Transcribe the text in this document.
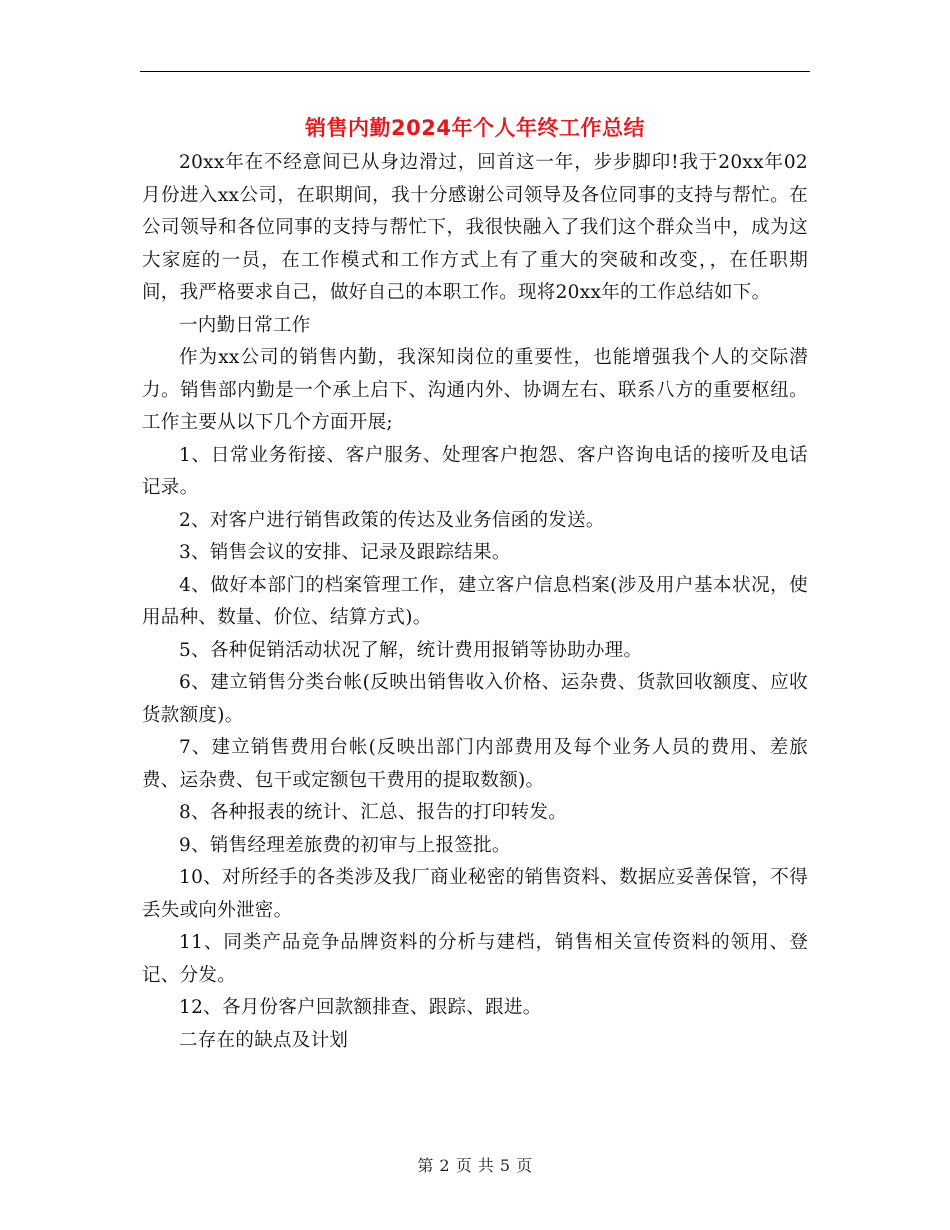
销售内勤2024年个人年终工作总结

20xx年在不经意间已从身边滑过，回首这一年，步步脚印!我于20xx年02月份进入xx公司，在职期间，我十分感谢公司领导及各位同事的支持与帮忙。在公司领导和各位同事的支持与帮忙下，我很快融入了我们这个群众当中，成为这大家庭的一员，在工作模式和工作方式上有了重大的突破和改变，，在任职期间，我严格要求自己，做好自己的本职工作。现将20xx年的工作总结如下。

一内勤日常工作

作为xx公司的销售内勤，我深知岗位的重要性，也能增强我个人的交际潜力。销售部内勤是一个承上启下、沟通内外、协调左右、联系八方的重要枢纽。工作主要从以下几个方面开展;

1、日常业务衔接、客户服务、处理客户抱怨、客户咨询电话的接听及电话记录。

2、对客户进行销售政策的传达及业务信函的发送。

3、销售会议的安排、记录及跟踪结果。

4、做好本部门的档案管理工作，建立客户信息档案(涉及用户基本状况，使用品种、数量、价位、结算方式)。

5、各种促销活动状况了解，统计费用报销等协助办理。

6、建立销售分类台帐(反映出销售收入价格、运杂费、货款回收额度、应收货款额度)。

7、建立销售费用台帐(反映出部门内部费用及每个业务人员的费用、差旅费、运杂费、包干或定额包干费用的提取数额)。

8、各种报表的统计、汇总、报告的打印转发。

9、销售经理差旅费的初审与上报签批。

10、对所经手的各类涉及我厂商业秘密的销售资料、数据应妥善保管，不得丢失或向外泄密。

11、同类产品竞争品牌资料的分析与建档，销售相关宣传资料的领用、登记、分发。

12、各月份客户回款额排查、跟踪、跟进。

二存在的缺点及计划

第 2 页 共 5 页
